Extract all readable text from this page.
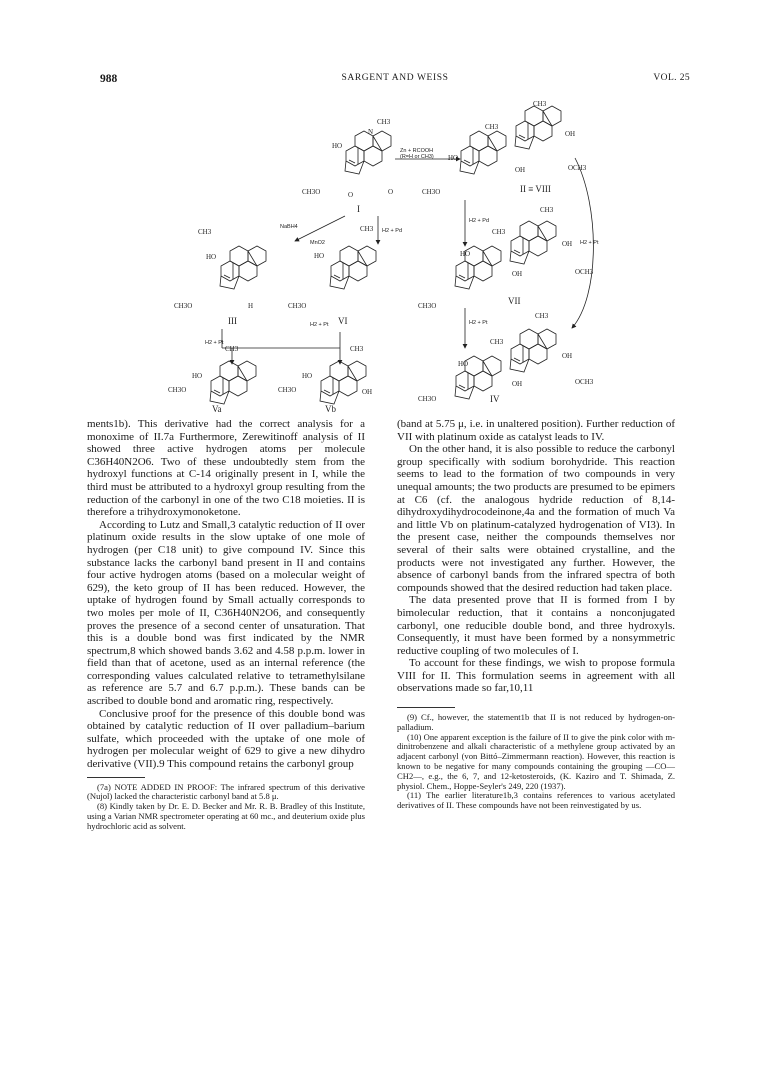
988	SARGENT AND WEISS	VOL. 25
CH3
N
HO
CH3O	O	O
I
Zn + RCOOH
(R=H or CH3)
CH3
CH3
HO
OH
OCH3
OH
CH3O	II ≡ VIII
NaBH4
MnO2
H2 + Pd
CH3
HO
CH3O	H
III
CH3
HO
CH3O
VI
H2 + Pt
H2 + Pt
CH3
HO
CH3O
Va
CH3
HO
CH3O	OH
Vb
H2 + Pd
CH3
CH3
HO
OH
OCH3
OH
CH3O	VII
H2 + Pt
H2 + Pt
CH3
CH3
HO
OH
OCH3
OH
CH3O	IV

ments1b). This derivative had the correct analysis for a monoxime of II.7a Furthermore, Zerewitinoff analysis of II showed three active hydrogen atoms per molecule C36H40N2O6. Two of these undoubtedly stem from the hydroxyl functions at C-14 originally present in I, while the third must be attributed to a hydroxyl group resulting from the reduction of the carbonyl in one of the two C18 moieties. II is therefore a trihydroxymonoketone.

According to Lutz and Small,3 catalytic reduction of II over platinum oxide results in the slow uptake of one mole of hydrogen (per C18 unit) to give compound IV. Since this substance lacks the carbonyl band present in II and contains four active hydrogen atoms (based on a molecular weight of 629), the keto group of II has been reduced. However, the uptake of hydrogen found by Small actually corresponds to two moles per mole of II, C36H40N2O6, and consequently proves the presence of a second center of unsaturation. That this is a double bond was first indicated by the NMR spectrum,8 which showed bands 3.62 and 4.58 p.p.m. lower in field than that of acetone, used as an internal reference (the corresponding values calculated relative to tetramethylsilane as reference are 5.7 and 6.7 p.p.m.). These bands can be ascribed to double bond and aromatic ring, respectively.

Conclusive proof for the presence of this double bond was obtained by catalytic reduction of II over palladium–barium sulfate, which proceeded with the uptake of one mole of hydrogen per molecular weight of 629 to give a new dihydro derivative (VII).9 This compound retains the carbonyl group

(7a) NOTE ADDED IN PROOF: The infrared spectrum of this derivative (Nujol) lacked the characteristic carbonyl band at 5.8 μ.

(8) Kindly taken by Dr. E. D. Becker and Mr. R. B. Bradley of this Institute, using a Varian NMR spectrometer operating at 60 mc., and deuterium oxide plus hydrochloric acid as solvent.

(band at 5.75 μ, i.e. in unaltered position). Further reduction of VII with platinum oxide as catalyst leads to IV.

On the other hand, it is also possible to reduce the carbonyl group specifically with sodium borohydride. This reaction seems to lead to the formation of two compounds in very unequal amounts; the two products are presumed to be epimers at C6 (cf. the analogous hydride reduction of 8,14-dihydroxydihydrocodeinone,4a and the formation of much Va and little Vb on platinum-catalyzed hydrogenation of VI3). In the present case, neither the compounds themselves nor several of their salts were obtained crystalline, and the products were not investigated any further. However, the absence of carbonyl bands from the infrared spectra of both compounds showed that the desired reduction had taken place.

The data presented prove that II is formed from I by bimolecular reduction, that it contains a nonconjugated carbonyl, one reducible double bond, and three hydroxyls. Consequently, it must have been formed by a nonsymmetric reductive coupling of two molecules of I.

To account for these findings, we wish to propose formula VIII for II. This formulation seems in agreement with all observations made so far,10,11

(9) Cf., however, the statement1b that II is not reduced by hydrogen-on-palladium.

(10) One apparent exception is the failure of II to give the pink color with m-dinitrobenzene and alkali characteristic of a methylene group activated by an adjacent carbonyl (von Bittó–Zimmermann reaction). However, this reaction is known to be negative for many compounds containing the grouping —CO—CH2—, e.g., the 6, 7, and 12-ketosteroids, (K. Kaziro and T. Shimada, Z. physiol. Chem., Hoppe-Seyler's 249, 220 (1937).

(11) The earlier literature1b,3 contains references to various acetylated derivatives of II. These compounds have not been reinvestigated by us.
